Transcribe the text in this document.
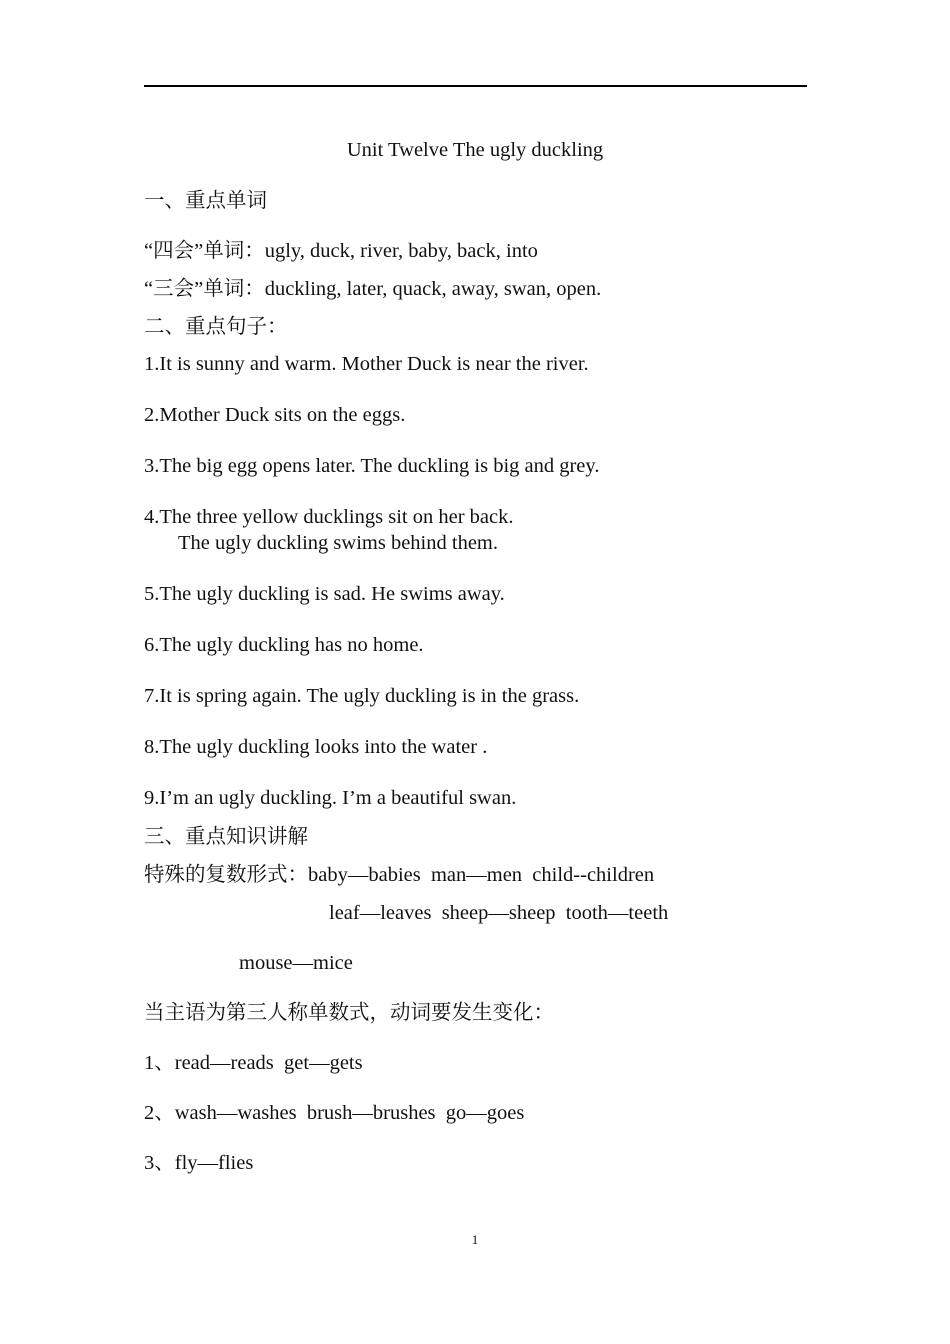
Unit Twelve The ugly duckling
一、重点单词
“四会”单词：ugly, duck, river, baby, back, into
“三会”单词：duckling, later, quack, away, swan, open.
二、重点句子：
1.It is sunny and warm. Mother Duck is near the river.
2.Mother Duck sits on the eggs.
3.The big egg opens later. The duckling is big and grey.
4.The three yellow ducklings sit on her back.
The ugly duckling swims behind them.
5.The ugly duckling is sad. He swims away.
6.The ugly duckling has no home.
7.It is spring again. The ugly duckling is in the grass.
8.The ugly duckling looks into the water .
9.I’m an ugly duckling. I’m a beautiful swan.
三、重点知识讲解
特殊的复数形式：baby—babies  man—men  child--children
leaf—leaves  sheep—sheep  tooth—teeth
mouse—mice
当主语为第三人称单数式，动词要发生变化：
1、read—reads  get—gets
2、wash—washes  brush—brushes  go—goes
3、fly—flies
1
